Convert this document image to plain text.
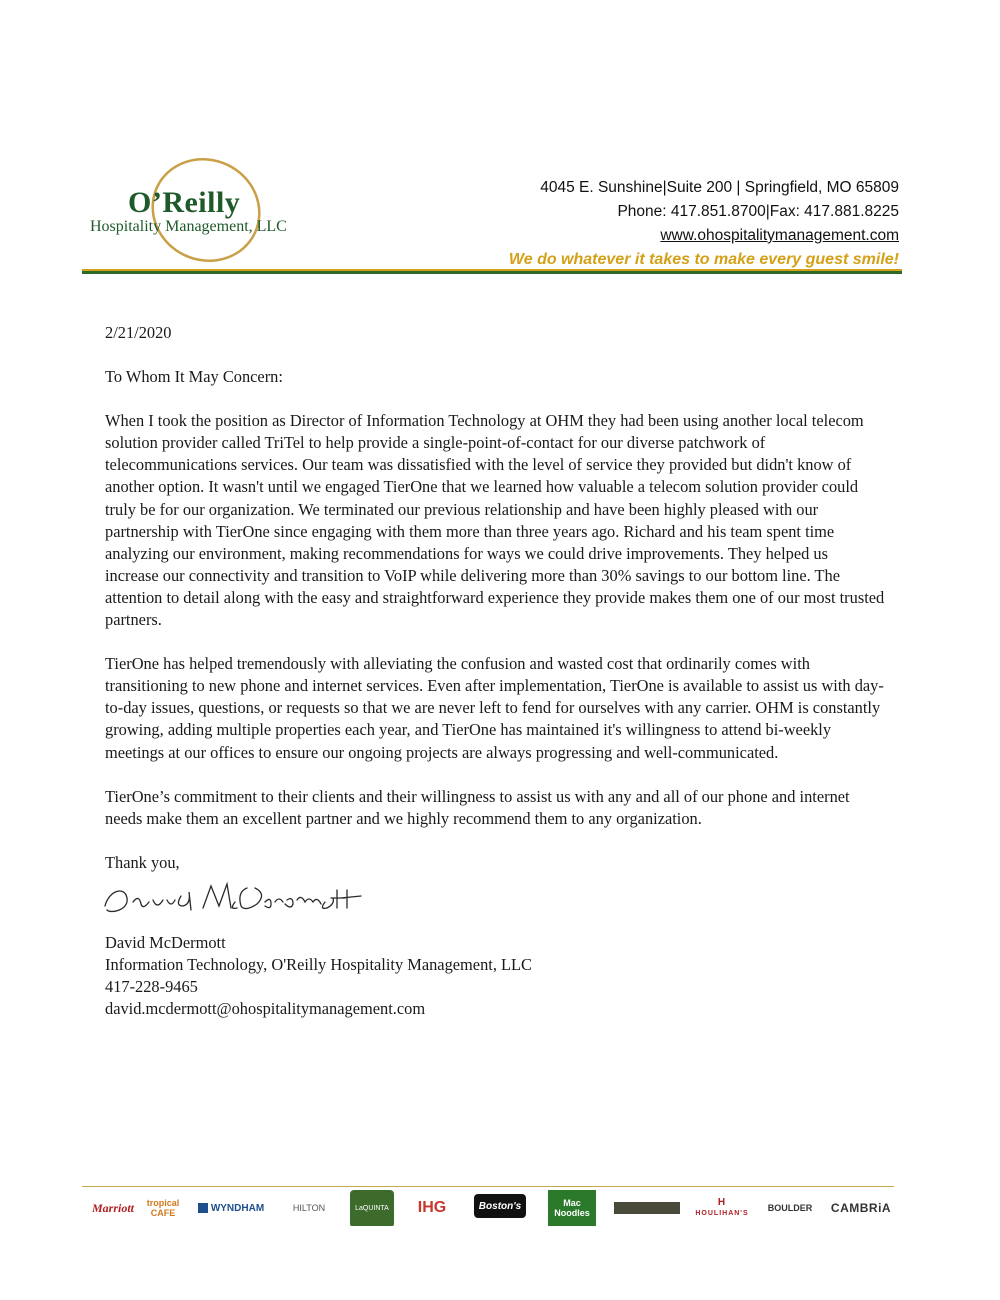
O’Reilly
Hospitality Management, LLC
4045 E. Sunshine|Suite 200 | Springfield, MO 65809
Phone: 417.851.8700|Fax: 417.881.8225
www.ohospitalitymanagement.com
We do whatever it takes to make every guest smile!
2/21/2020
To Whom It May Concern:

When I took the position as Director of Information Technology at OHM they had been using another local telecom solution provider called TriTel to help provide a single-point-of-contact for our diverse patchwork of telecommunications services. Our team was dissatisfied with the level of service they provided but didn't know of another option. It wasn't until we engaged TierOne that we learned how valuable a telecom solution provider could truly be for our organization. We terminated our previous relationship and have been highly pleased with our partnership with TierOne since engaging with them more than three years ago. Richard and his team spent time analyzing our environment, making recommendations for ways we could drive improvements. They helped us increase our connectivity and transition to VoIP while delivering more than 30% savings to our bottom line. The attention to detail along with the easy and straightforward experience they provide makes them one of our most trusted partners.

TierOne has helped tremendously with alleviating the confusion and wasted cost that ordinarily comes with transitioning to new phone and internet services. Even after implementation, TierOne is available to assist us with day-to-day issues, questions, or requests so that we are never left to fend for ourselves with any carrier. OHM is constantly growing, adding multiple properties each year, and TierOne has maintained it's willingness to attend bi-weekly meetings at our offices to ensure our ongoing projects are always progressing and well-communicated.

TierOne’s commitment to their clients and their willingness to assist us with any and all of our phone and internet needs make them an excellent partner and we highly recommend them to any organization.

Thank you,
David McDermott
Information Technology, O'Reilly Hospitality Management, LLC
417-228-9465
david.mcdermott@ohospitalitymanagement.com
Marriott	tropical
CAFE	WYNDHAM	HILTON	LaQUINTA	IHG	Boston's	Mac
Noodles
H
HOULIHAN'S
BOULDER	CAMBRiA
